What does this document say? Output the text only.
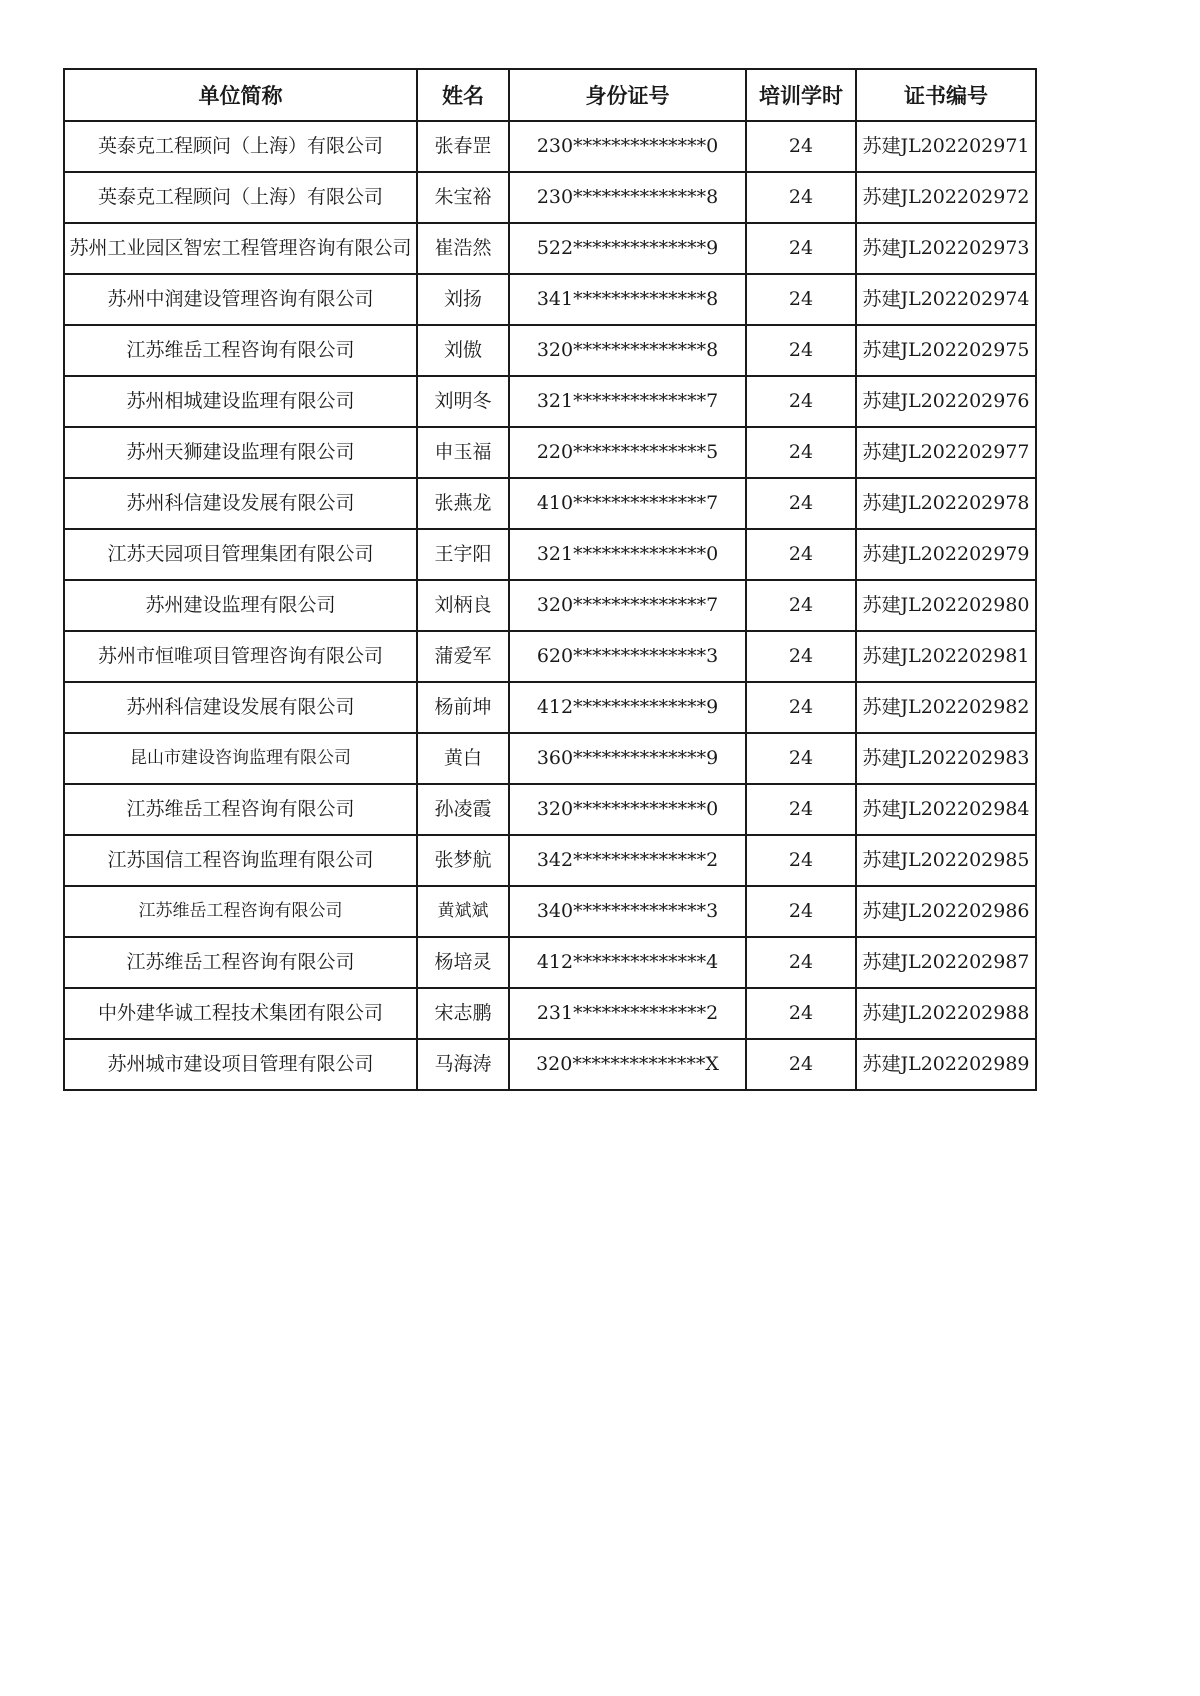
单位简称	姓名	身份证号	培训学时	证书编号
英泰克工程顾问（上海）有限公司	张春罡	230**************0	24	苏建JL202202971
英泰克工程顾问（上海）有限公司	朱宝裕	230**************8	24	苏建JL202202972
苏州工业园区智宏工程管理咨询有限公司	崔浩然	522**************9	24	苏建JL202202973
苏州中润建设管理咨询有限公司	刘扬	341**************8	24	苏建JL202202974
江苏维岳工程咨询有限公司	刘傲	320**************8	24	苏建JL202202975
苏州相城建设监理有限公司	刘明冬	321**************7	24	苏建JL202202976
苏州天狮建设监理有限公司	申玉福	220**************5	24	苏建JL202202977
苏州科信建设发展有限公司	张燕龙	410**************7	24	苏建JL202202978
江苏天园项目管理集团有限公司	王宇阳	321**************0	24	苏建JL202202979
苏州建设监理有限公司	刘柄良	320**************7	24	苏建JL202202980
苏州市恒唯项目管理咨询有限公司	蒲爱军	620**************3	24	苏建JL202202981
苏州科信建设发展有限公司	杨前坤	412**************9	24	苏建JL202202982
昆山市建设咨询监理有限公司	黄白	360**************9	24	苏建JL202202983
江苏维岳工程咨询有限公司	孙凌霞	320**************0	24	苏建JL202202984
江苏国信工程咨询监理有限公司	张梦航	342**************2	24	苏建JL202202985
江苏维岳工程咨询有限公司	黄斌斌	340**************3	24	苏建JL202202986
江苏维岳工程咨询有限公司	杨培灵	412**************4	24	苏建JL202202987
中外建华诚工程技术集团有限公司	宋志鹏	231**************2	24	苏建JL202202988
苏州城市建设项目管理有限公司	马海涛	320**************X	24	苏建JL202202989
